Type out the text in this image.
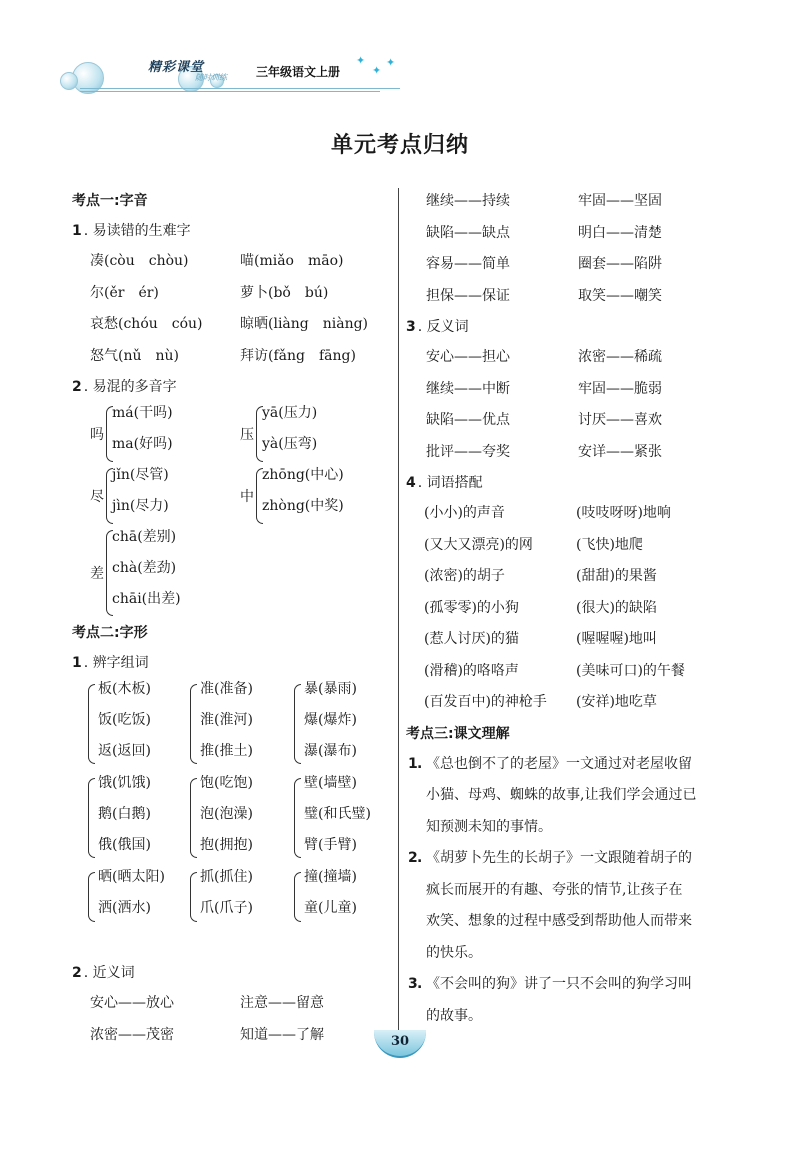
精彩课堂
随时训练 三年级语文上册
✦
✦
✦
单元考点归纳
考点一:字音
1 . 易读错的生难字
凑(còu　chòu)	喵(miǎo　māo)
尔(ěr　ér)	萝卜(bǒ　bú)
哀愁(chóu　cóu)	晾晒(liàng　niàng)
怒气(nǔ　nù)	拜访(fǎng　fāng)
2 . 易混的多音字
吗
má(干吗)
ma(好吗)
压
yā(压力)
yà(压弯)
尽
jǐn(尽管)
jìn(尽力)
中
zhōng(中心)
zhòng(中奖)
差
chā(差别)
chà(差劲)
chāi(出差)
考点二:字形
1 . 辨字组词
板(木板)
饭(吃饭)
返(返回)
准(准备)
淮(淮河)
推(推土)
暴(暴雨)
爆(爆炸)
瀑(瀑布)
饿(饥饿)
鹅(白鹅)
俄(俄国)
饱(吃饱)
泡(泡澡)
抱(拥抱)
壁(墙壁)
璧(和氏璧)
臂(手臂)
晒(晒太阳)
洒(洒水)
抓(抓住)
爪(爪子)
撞(撞墙)
童(儿童)
2 . 近义词
安心——放心	注意——留意
浓密——茂密	知道——了解
继续——持续	牢固——坚固
缺陷——缺点	明白——清楚
容易——简单	圈套——陷阱
担保——保证	取笑——嘲笑
3 . 反义词
安心——担心	浓密——稀疏
继续——中断	牢固——脆弱
缺陷——优点	讨厌——喜欢
批评——夸奖	安详——紧张
4 . 词语搭配
(小小)的声音	(吱吱呀呀)地响
(又大又漂亮)的网	(飞快)地爬
(浓密)的胡子	(甜甜)的果酱
(孤零零)的小狗	(很大)的缺陷
(惹人讨厌)的猫	(喔喔喔)地叫
(滑稽)的咯咯声	(美味可口)的午餐
(百发百中)的神枪手 (安祥)地吃草
考点三:课文理解
1 . 《总也倒不了的老屋》一文通过对老屋收留
小猫、母鸡、蜘蛛的故事,让我们学会通过已
知预测未知的事情。
2 . 《胡萝卜先生的长胡子》一文跟随着胡子的
疯长而展开的有趣、夸张的情节,让孩子在
欢笑、想象的过程中感受到帮助他人而带来
的快乐。
3 . 《不会叫的狗》讲了一只不会叫的狗学习叫
的故事。
30
